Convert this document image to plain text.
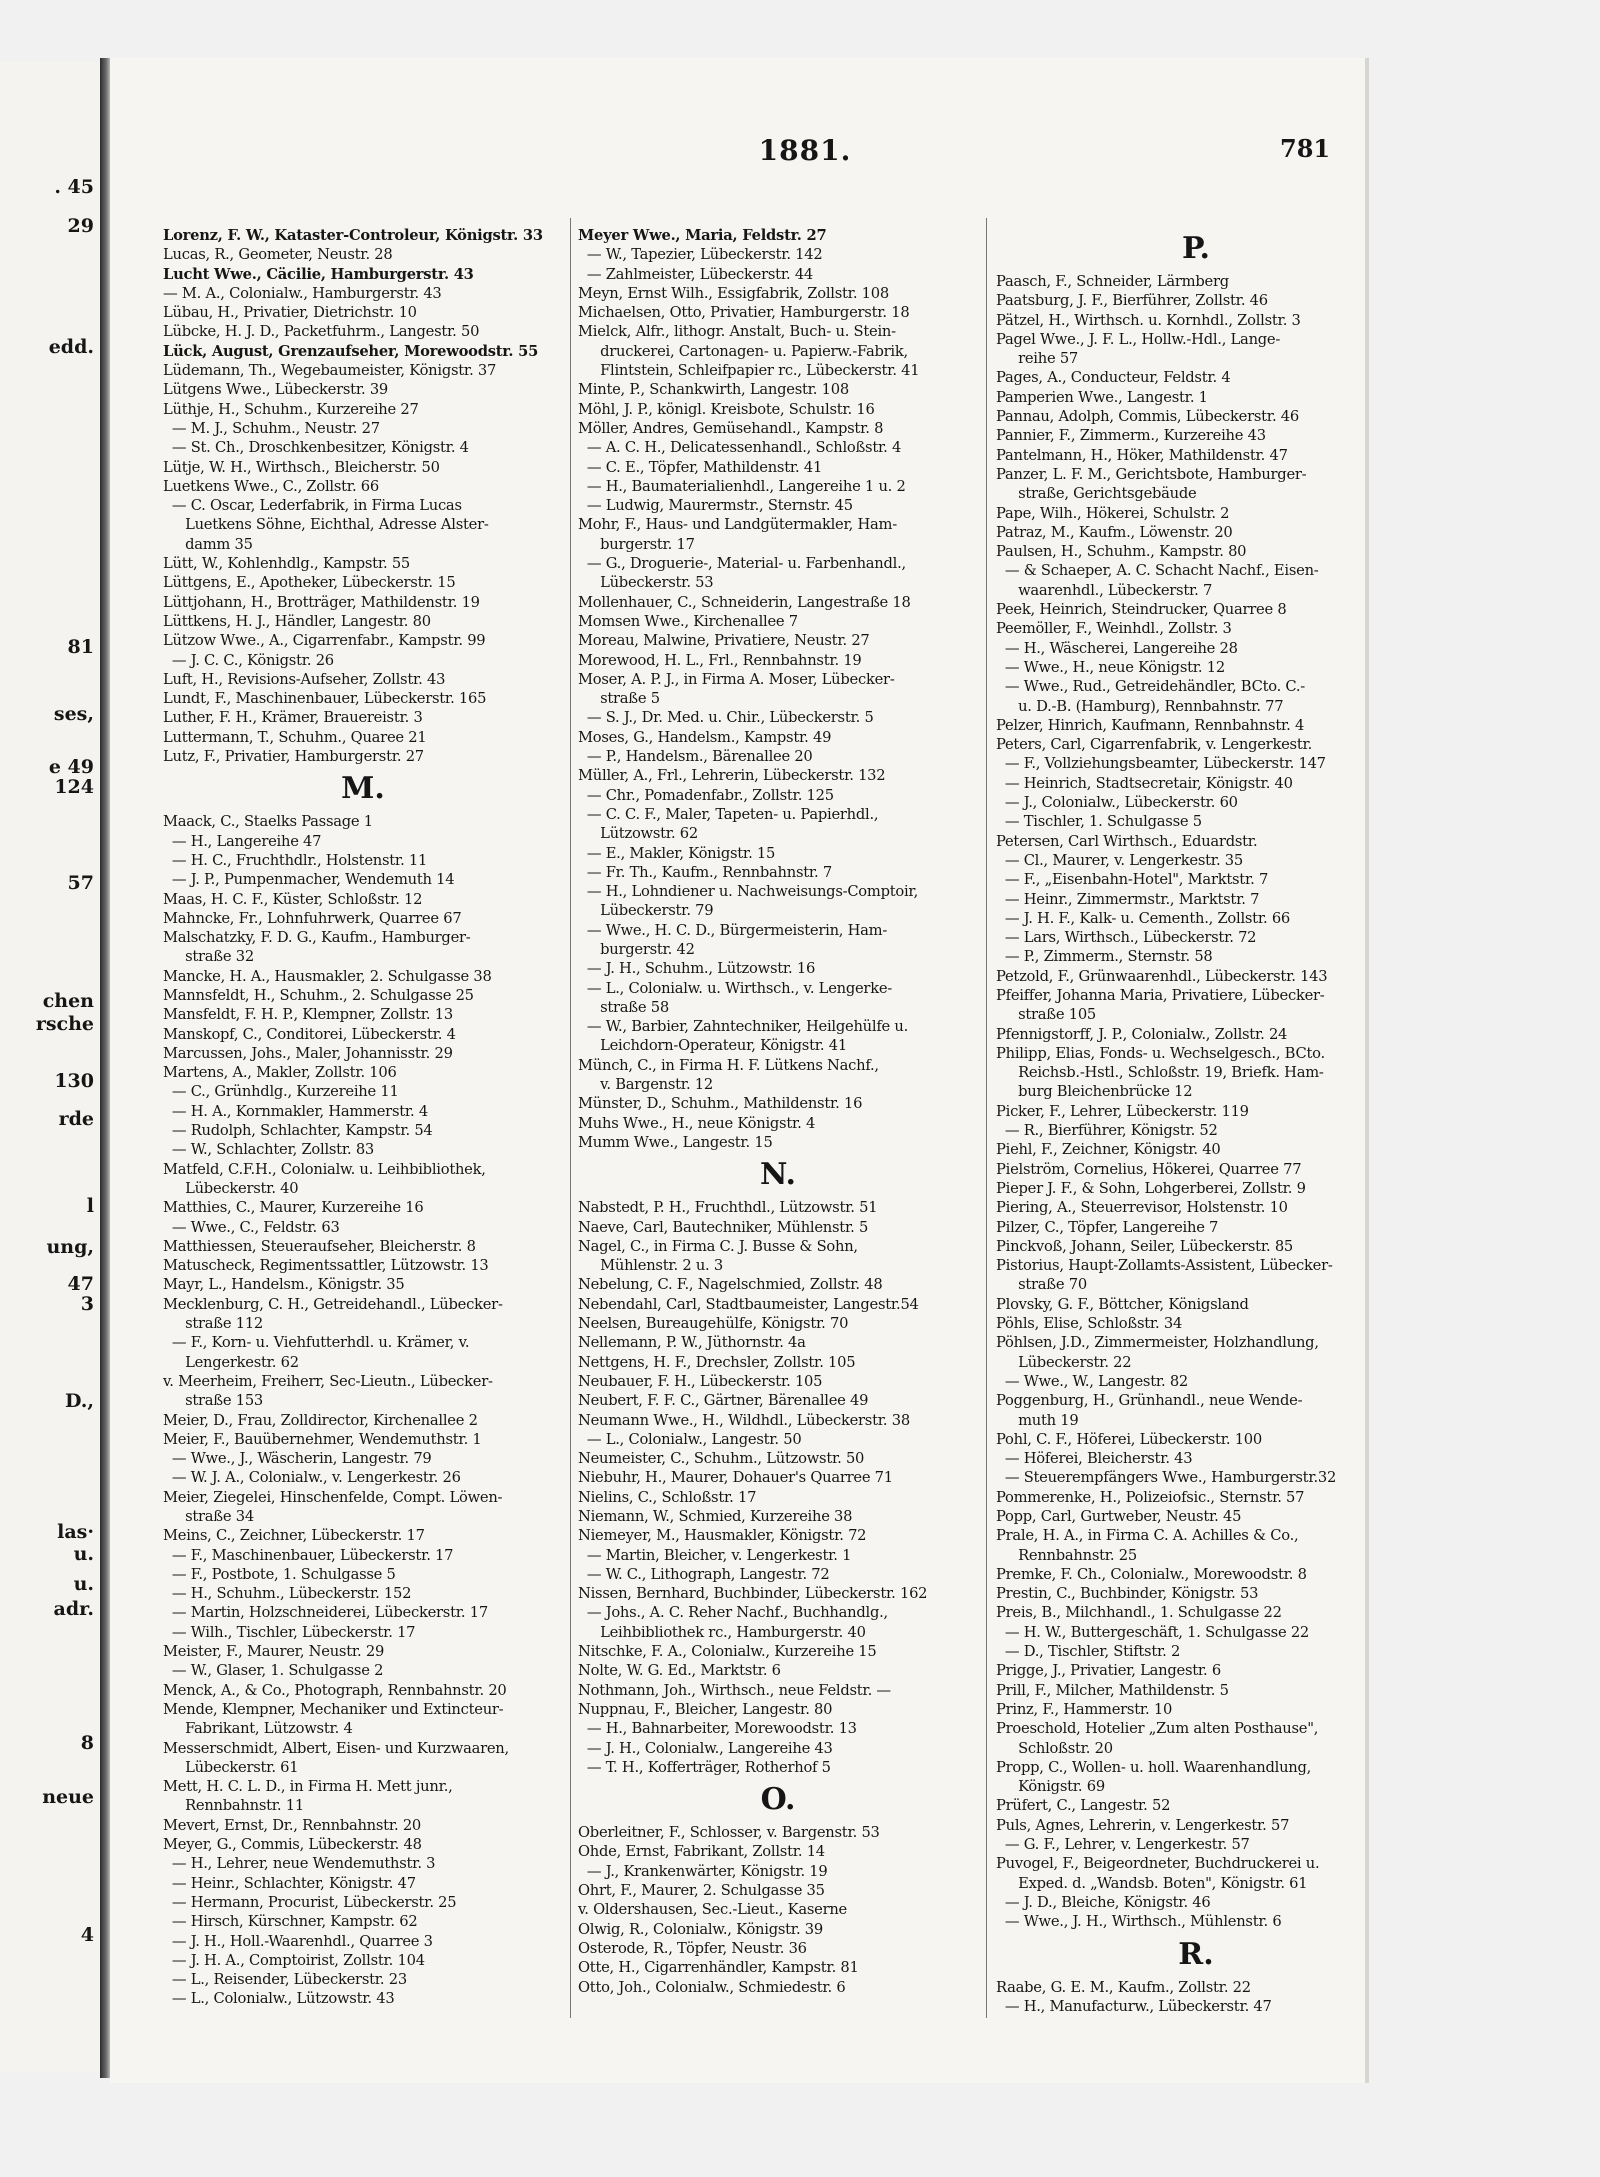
. 45
29
edd.
81
ses,
e 49
124
57
chen
rsche
130
rde
l
ung,
47
3
D.,
las·
u.
u.
adr.
8
neue
4
1881.	781
Lorenz, F. W., Kataster-Controleur, Königstr. 33
Lucas, R., Geometer, Neustr. 28
Lucht Wwe., Cäcilie, Hamburgerstr. 43
— M. A., Colonialw., Hamburgerstr. 43
Lübau, H., Privatier, Dietrichstr. 10
Lübcke, H. J. D., Packetfuhrm., Langestr. 50
Lück, August, Grenzaufseher, Morewoodstr. 55
Lüdemann, Th., Wegebaumeister, Königstr. 37
Lütgens Wwe., Lübeckerstr. 39
Lüthje, H., Schuhm., Kurzereihe 27
— M. J., Schuhm., Neustr. 27
— St. Ch., Droschkenbesitzer, Königstr. 4
Lütje, W. H., Wirthsch., Bleicherstr. 50
Luetkens Wwe., C., Zollstr. 66
— C. Oscar, Lederfabrik, in Firma Lucas
Luetkens Söhne, Eichthal, Adresse Alster-
damm 35
Lütt, W., Kohlenhdlg., Kampstr. 55
Lüttgens, E., Apotheker, Lübeckerstr. 15
Lüttjohann, H., Brotträger, Mathildenstr. 19
Lüttkens, H. J., Händler, Langestr. 80
Lützow Wwe., A., Cigarrenfabr., Kampstr. 99
— J. C. C., Königstr. 26
Luft, H., Revisions-Aufseher, Zollstr. 43
Lundt, F., Maschinenbauer, Lübeckerstr. 165
Luther, F. H., Krämer, Brauereistr. 3
Luttermann, T., Schuhm., Quaree 21
Lutz, F., Privatier, Hamburgerstr. 27
M.
Maack, C., Staelks Passage 1
— H., Langereihe 47
— H. C., Fruchthdlr., Holstenstr. 11
— J. P., Pumpenmacher, Wendemuth 14
Maas, H. C. F., Küster, Schloßstr. 12
Mahncke, Fr., Lohnfuhrwerk, Quarree 67
Malschatzky, F. D. G., Kaufm., Hamburger-
straße 32
Mancke, H. A., Hausmakler, 2. Schulgasse 38
Mannsfeldt, H., Schuhm., 2. Schulgasse 25
Mansfeldt, F. H. P., Klempner, Zollstr. 13
Manskopf, C., Conditorei, Lübeckerstr. 4
Marcussen, Johs., Maler, Johannisstr. 29
Martens, A., Makler, Zollstr. 106
— C., Grünhdlg., Kurzereihe 11
— H. A., Kornmakler, Hammerstr. 4
— Rudolph, Schlachter, Kampstr. 54
— W., Schlachter, Zollstr. 83
Matfeld, C.F.H., Colonialw. u. Leihbibliothek,
Lübeckerstr. 40
Matthies, C., Maurer, Kurzereihe 16
— Wwe., C., Feldstr. 63
Matthiessen, Steueraufseher, Bleicherstr. 8
Matuscheck, Regimentssattler, Lützowstr. 13
Mayr, L., Handelsm., Königstr. 35
Mecklenburg, C. H., Getreidehandl., Lübecker-
straße 112
— F., Korn- u. Viehfutterhdl. u. Krämer, v.
Lengerkestr. 62
v. Meerheim, Freiherr, Sec-Lieutn., Lübecker-
straße 153
Meier, D., Frau, Zolldirector, Kirchenallee 2
Meier, F., Bauübernehmer, Wendemuthstr. 1
— Wwe., J., Wäscherin, Langestr. 79
— W. J. A., Colonialw., v. Lengerkestr. 26
Meier, Ziegelei, Hinschenfelde, Compt. Löwen-
straße 34
Meins, C., Zeichner, Lübeckerstr. 17
— F., Maschinenbauer, Lübeckerstr. 17
— F., Postbote, 1. Schulgasse 5
— H., Schuhm., Lübeckerstr. 152
— Martin, Holzschneiderei, Lübeckerstr. 17
— Wilh., Tischler, Lübeckerstr. 17
Meister, F., Maurer, Neustr. 29
— W., Glaser, 1. Schulgasse 2
Menck, A., & Co., Photograph, Rennbahnstr. 20
Mende, Klempner, Mechaniker und Extincteur-
Fabrikant, Lützowstr. 4
Messerschmidt, Albert, Eisen- und Kurzwaaren,
Lübeckerstr. 61
Mett, H. C. L. D., in Firma H. Mett junr.,
Rennbahnstr. 11
Mevert, Ernst, Dr., Rennbahnstr. 20
Meyer, G., Commis, Lübeckerstr. 48
— H., Lehrer, neue Wendemuthstr. 3
— Heinr., Schlachter, Königstr. 47
— Hermann, Procurist, Lübeckerstr. 25
— Hirsch, Kürschner, Kampstr. 62
— J. H., Holl.-Waarenhdl., Quarree 3
— J. H. A., Comptoirist, Zollstr. 104
— L., Reisender, Lübeckerstr. 23
— L., Colonialw., Lützowstr. 43
Meyer Wwe., Maria, Feldstr. 27
— W., Tapezier, Lübeckerstr. 142
— Zahlmeister, Lübeckerstr. 44
Meyn, Ernst Wilh., Essigfabrik, Zollstr. 108
Michaelsen, Otto, Privatier, Hamburgerstr. 18
Mielck, Alfr., lithogr. Anstalt, Buch- u. Stein-
druckerei, Cartonagen- u. Papierw.-Fabrik,
Flintstein, Schleifpapier rc., Lübeckerstr. 41
Minte, P., Schankwirth, Langestr. 108
Möhl, J. P., königl. Kreisbote, Schulstr. 16
Möller, Andres, Gemüsehandl., Kampstr. 8
— A. C. H., Delicatessenhandl., Schloßstr. 4
— C. E., Töpfer, Mathildenstr. 41
— H., Baumaterialienhdl., Langereihe 1 u. 2
— Ludwig, Maurermstr., Sternstr. 45
Mohr, F., Haus- und Landgütermakler, Ham-
burgerstr. 17
— G., Droguerie-, Material- u. Farbenhandl.,
Lübeckerstr. 53
Mollenhauer, C., Schneiderin, Langestraße 18
Momsen Wwe., Kirchenallee 7
Moreau, Malwine, Privatiere, Neustr. 27
Morewood, H. L., Frl., Rennbahnstr. 19
Moser, A. P. J., in Firma A. Moser, Lübecker-
straße 5
— S. J., Dr. Med. u. Chir., Lübeckerstr. 5
Moses, G., Handelsm., Kampstr. 49
— P., Handelsm., Bärenallee 20
Müller, A., Frl., Lehrerin, Lübeckerstr. 132
— Chr., Pomadenfabr., Zollstr. 125
— C. C. F., Maler, Tapeten- u. Papierhdl.,
Lützowstr. 62
— E., Makler, Königstr. 15
— Fr. Th., Kaufm., Rennbahnstr. 7
— H., Lohndiener u. Nachweisungs-Comptoir,
Lübeckerstr. 79
— Wwe., H. C. D., Bürgermeisterin, Ham-
burgerstr. 42
— J. H., Schuhm., Lützowstr. 16
— L., Colonialw. u. Wirthsch., v. Lengerke-
straße 58
— W., Barbier, Zahntechniker, Heilgehülfe u.
Leichdorn-Operateur, Königstr. 41
Münch, C., in Firma H. F. Lütkens Nachf.,
v. Bargenstr. 12
Münster, D., Schuhm., Mathildenstr. 16
Muhs Wwe., H., neue Königstr. 4
Mumm Wwe., Langestr. 15
N.
Nabstedt, P. H., Fruchthdl., Lützowstr. 51
Naeve, Carl, Bautechniker, Mühlenstr. 5
Nagel, C., in Firma C. J. Busse & Sohn,
Mühlenstr. 2 u. 3
Nebelung, C. F., Nagelschmied, Zollstr. 48
Nebendahl, Carl, Stadtbaumeister, Langestr.54
Neelsen, Bureaugehülfe, Königstr. 70
Nellemann, P. W., Jüthornstr. 4a
Nettgens, H. F., Drechsler, Zollstr. 105
Neubauer, F. H., Lübeckerstr. 105
Neubert, F. F. C., Gärtner, Bärenallee 49
Neumann Wwe., H., Wildhdl., Lübeckerstr. 38
— L., Colonialw., Langestr. 50
Neumeister, C., Schuhm., Lützowstr. 50
Niebuhr, H., Maurer, Dohauer's Quarree 71
Nielins, C., Schloßstr. 17
Niemann, W., Schmied, Kurzereihe 38
Niemeyer, M., Hausmakler, Königstr. 72
— Martin, Bleicher, v. Lengerkestr. 1
— W. C., Lithograph, Langestr. 72
Nissen, Bernhard, Buchbinder, Lübeckerstr. 162
— Johs., A. C. Reher Nachf., Buchhandlg.,
Leihbibliothek rc., Hamburgerstr. 40
Nitschke, F. A., Colonialw., Kurzereihe 15
Nolte, W. G. Ed., Marktstr. 6
Nothmann, Joh., Wirthsch., neue Feldstr. —
Nuppnau, F., Bleicher, Langestr. 80
— H., Bahnarbeiter, Morewoodstr. 13
— J. H., Colonialw., Langereihe 43
— T. H., Kofferträger, Rotherhof 5
O.
Oberleitner, F., Schlosser, v. Bargenstr. 53
Ohde, Ernst, Fabrikant, Zollstr. 14
— J., Krankenwärter, Königstr. 19
Ohrt, F., Maurer, 2. Schulgasse 35
v. Oldershausen, Sec.-Lieut., Kaserne
Olwig, R., Colonialw., Königstr. 39
Osterode, R., Töpfer, Neustr. 36
Otte, H., Cigarrenhändler, Kampstr. 81
Otto, Joh., Colonialw., Schmiedestr. 6
P.
Paasch, F., Schneider, Lärmberg
Paatsburg, J. F., Bierführer, Zollstr. 46
Pätzel, H., Wirthsch. u. Kornhdl., Zollstr. 3
Pagel Wwe., J. F. L., Hollw.-Hdl., Lange-
reihe 57
Pages, A., Conducteur, Feldstr. 4
Pamperien Wwe., Langestr. 1
Pannau, Adolph, Commis, Lübeckerstr. 46
Pannier, F., Zimmerm., Kurzereihe 43
Pantelmann, H., Höker, Mathildenstr. 47
Panzer, L. F. M., Gerichtsbote, Hamburger-
straße, Gerichtsgebäude
Pape, Wilh., Hökerei, Schulstr. 2
Patraz, M., Kaufm., Löwenstr. 20
Paulsen, H., Schuhm., Kampstr. 80
— & Schaeper, A. C. Schacht Nachf., Eisen-
waarenhdl., Lübeckerstr. 7
Peek, Heinrich, Steindrucker, Quarree 8
Peemöller, F., Weinhdl., Zollstr. 3
— H., Wäscherei, Langereihe 28
— Wwe., H., neue Königstr. 12
— Wwe., Rud., Getreidehändler, BCto. C.-
u. D.-B. (Hamburg), Rennbahnstr. 77
Pelzer, Hinrich, Kaufmann, Rennbahnstr. 4
Peters, Carl, Cigarrenfabrik, v. Lengerkestr.
— F., Vollziehungsbeamter, Lübeckerstr. 147
— Heinrich, Stadtsecretair, Königstr. 40
— J., Colonialw., Lübeckerstr. 60
— Tischler, 1. Schulgasse 5
Petersen, Carl Wirthsch., Eduardstr.
— Cl., Maurer, v. Lengerkestr. 35
— F., „Eisenbahn-Hotel", Marktstr. 7
— Heinr., Zimmermstr., Marktstr. 7
— J. H. F., Kalk- u. Cementh., Zollstr. 66
— Lars, Wirthsch., Lübeckerstr. 72
— P., Zimmerm., Sternstr. 58
Petzold, F., Grünwaarenhdl., Lübeckerstr. 143
Pfeiffer, Johanna Maria, Privatiere, Lübecker-
straße 105
Pfennigstorff, J. P., Colonialw., Zollstr. 24
Philipp, Elias, Fonds- u. Wechselgesch., BCto.
Reichsb.-Hstl., Schloßstr. 19, Briefk. Ham-
burg Bleichenbrücke 12
Picker, F., Lehrer, Lübeckerstr. 119
— R., Bierführer, Königstr. 52
Piehl, F., Zeichner, Königstr. 40
Pielström, Cornelius, Hökerei, Quarree 77
Pieper J. F., & Sohn, Lohgerberei, Zollstr. 9
Piering, A., Steuerrevisor, Holstenstr. 10
Pilzer, C., Töpfer, Langereihe 7
Pinckvoß, Johann, Seiler, Lübeckerstr. 85
Pistorius, Haupt-Zollamts-Assistent, Lübecker-
straße 70
Plovsky, G. F., Böttcher, Königsland
Pöhls, Elise, Schloßstr. 34
Pöhlsen, J.D., Zimmermeister, Holzhandlung,
Lübeckerstr. 22
— Wwe., W., Langestr. 82
Poggenburg, H., Grünhandl., neue Wende-
muth 19
Pohl, C. F., Höferei, Lübeckerstr. 100
— Höferei, Bleicherstr. 43
— Steuerempfängers Wwe., Hamburgerstr.32
Pommerenke, H., Polizeiofsic., Sternstr. 57
Popp, Carl, Gurtweber, Neustr. 45
Prale, H. A., in Firma C. A. Achilles & Co.,
Rennbahnstr. 25
Premke, F. Ch., Colonialw., Morewoodstr. 8
Prestin, C., Buchbinder, Königstr. 53
Preis, B., Milchhandl., 1. Schulgasse 22
— H. W., Buttergeschäft, 1. Schulgasse 22
— D., Tischler, Stiftstr. 2
Prigge, J., Privatier, Langestr. 6
Prill, F., Milcher, Mathildenstr. 5
Prinz, F., Hammerstr. 10
Proeschold, Hotelier „Zum alten Posthause",
Schloßstr. 20
Propp, C., Wollen- u. holl. Waarenhandlung,
Königstr. 69
Prüfert, C., Langestr. 52
Puls, Agnes, Lehrerin, v. Lengerkestr. 57
— G. F., Lehrer, v. Lengerkestr. 57
Puvogel, F., Beigeordneter, Buchdruckerei u.
Exped. d. „Wandsb. Boten", Königstr. 61
— J. D., Bleiche, Königstr. 46
— Wwe., J. H., Wirthsch., Mühlenstr. 6
R.
Raabe, G. E. M., Kaufm., Zollstr. 22
— H., Manufacturw., Lübeckerstr. 47
